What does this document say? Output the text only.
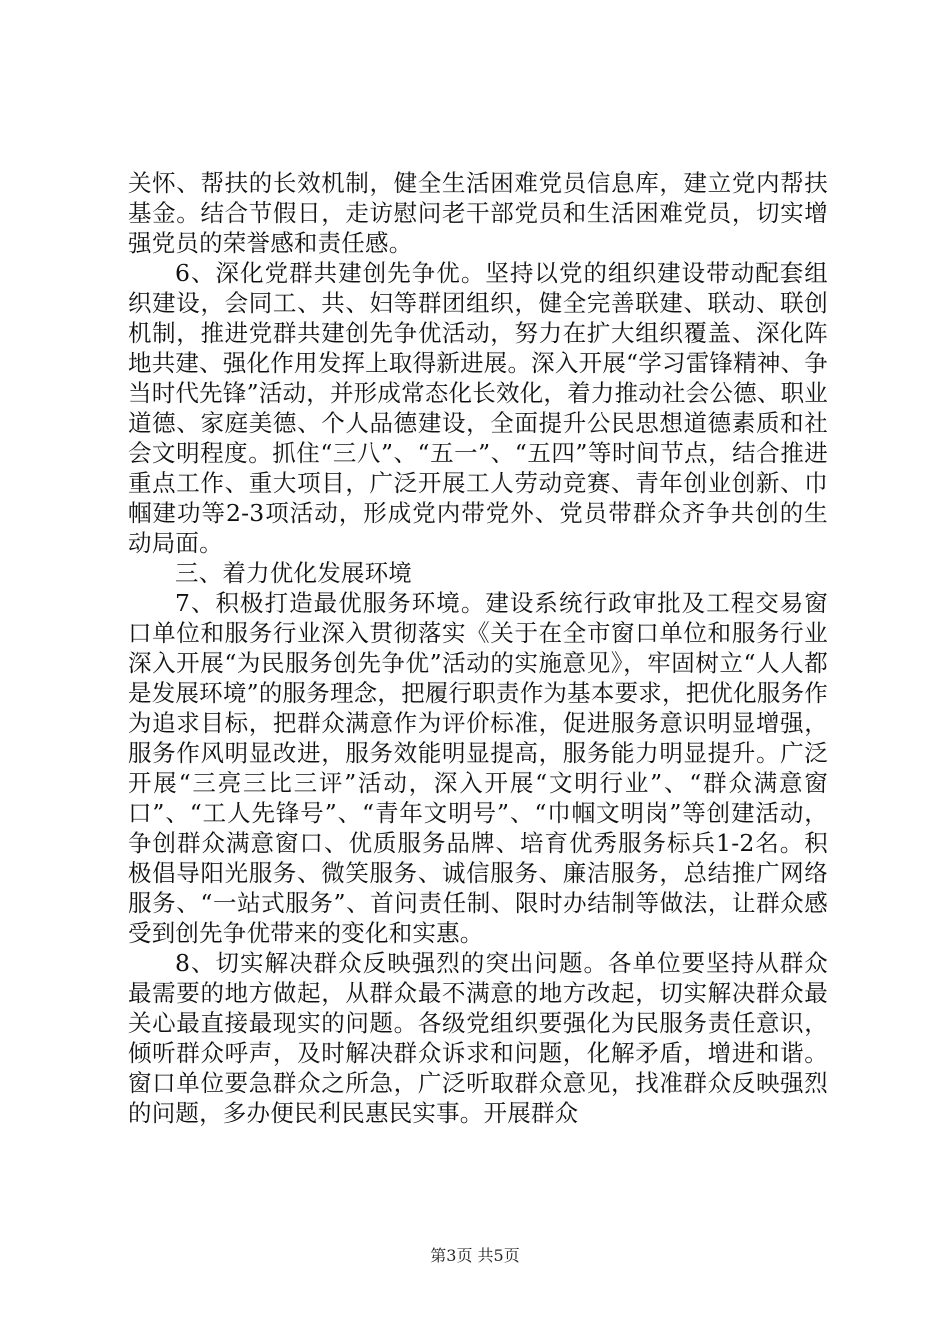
关怀、帮扶的长效机制，健全生活困难党员信息库，建立党内帮扶基金。结合节假日，走访慰问老干部党员和生活困难党员，切实增强党员的荣誉感和责任感。

6、深化党群共建创先争优。坚持以党的组织建设带动配套组织建设，会同工、共、妇等群团组织，健全完善联建、联动、联创机制，推进党群共建创先争优活动，努力在扩大组织覆盖、深化阵地共建、强化作用发挥上取得新进展。深入开展“学习雷锋精神、争当时代先锋”活动，并形成常态化长效化，着力推动社会公德、职业道德、家庭美德、个人品德建设，全面提升公民思想道德素质和社会文明程度。抓住“三八”、“五一”、“五四”等时间节点，结合推进重点工作、重大项目，广泛开展工人劳动竞赛、青年创业创新、巾帼建功等2-3项活动，形成党内带党外、党员带群众齐争共创的生动局面。

三、着力优化发展环境

7、积极打造最优服务环境。建设系统行政审批及工程交易窗口单位和服务行业深入贯彻落实《关于在全市窗口单位和服务行业深入开展“为民服务创先争优”活动的实施意见》，牢固树立“人人都是发展环境”的服务理念，把履行职责作为基本要求，把优化服务作为追求目标，把群众满意作为评价标准，促进服务意识明显增强，服务作风明显改进，服务效能明显提高，服务能力明显提升。广泛开展“三亮三比三评”活动，深入开展“文明行业”、“群众满意窗口”、“工人先锋号”、“青年文明号”、“巾帼文明岗”等创建活动，争创群众满意窗口、优质服务品牌、培育优秀服务标兵1-2名。积极倡导阳光服务、微笑服务、诚信服务、廉洁服务，总结推广网络服务、“一站式服务”、首问责任制、限时办结制等做法，让群众感受到创先争优带来的变化和实惠。

8、切实解决群众反映强烈的突出问题。各单位要坚持从群众最需要的地方做起，从群众最不满意的地方改起，切实解决群众最关心最直接最现实的问题。各级党组织要强化为民服务责任意识，倾听群众呼声，及时解决群众诉求和问题，化解矛盾，增进和谐。窗口单位要急群众之所急，广泛听取群众意见，找准群众反映强烈的问题，多办便民利民惠民实事。开展群众

第3页 共5页
